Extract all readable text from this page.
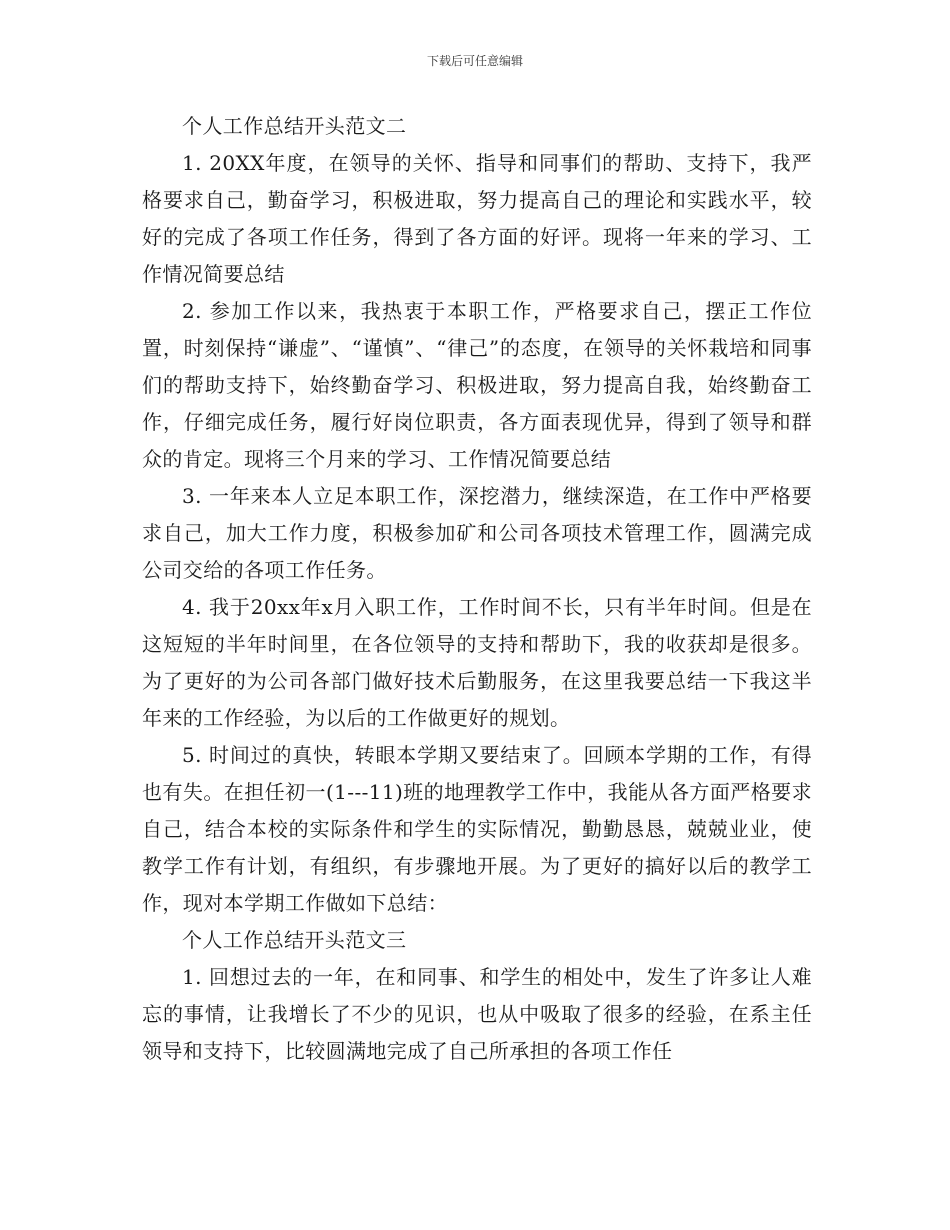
下载后可任意编辑

个人工作总结开头范文二

1. 20XX年度，在领导的关怀、指导和同事们的帮助、支持下，我严格要求自己，勤奋学习，积极进取，努力提高自己的理论和实践水平，较好的完成了各项工作任务，得到了各方面的好评。现将一年来的学习、工作情况简要总结

2. 参加工作以来，我热衷于本职工作，严格要求自己，摆正工作位置，时刻保持“谦虚”、“谨慎”、“律己”的态度，在领导的关怀栽培和同事们的帮助支持下，始终勤奋学习、积极进取，努力提高自我，始终勤奋工作，仔细完成任务，履行好岗位职责，各方面表现优异，得到了领导和群众的肯定。现将三个月来的学习、工作情况简要总结

3. 一年来本人立足本职工作，深挖潜力，继续深造，在工作中严格要求自己，加大工作力度，积极参加矿和公司各项技术管理工作，圆满完成公司交给的各项工作任务。

4. 我于20xx年x月入职工作，工作时间不长，只有半年时间。但是在这短短的半年时间里，在各位领导的支持和帮助下，我的收获却是很多。为了更好的为公司各部门做好技术后勤服务，在这里我要总结一下我这半年来的工作经验，为以后的工作做更好的规划。

5. 时间过的真快，转眼本学期又要结束了。回顾本学期的工作，有得也有失。在担任初一(1---11)班的地理教学工作中，我能从各方面严格要求自己，结合本校的实际条件和学生的实际情况，勤勤恳恳，兢兢业业，使教学工作有计划，有组织，有步骤地开展。为了更好的搞好以后的教学工作，现对本学期工作做如下总结：

个人工作总结开头范文三

1. 回想过去的一年，在和同事、和学生的相处中，发生了许多让人难忘的事情，让我增长了不少的见识，也从中吸取了很多的经验，在系主任领导和支持下，比较圆满地完成了自己所承担的各项工作任
